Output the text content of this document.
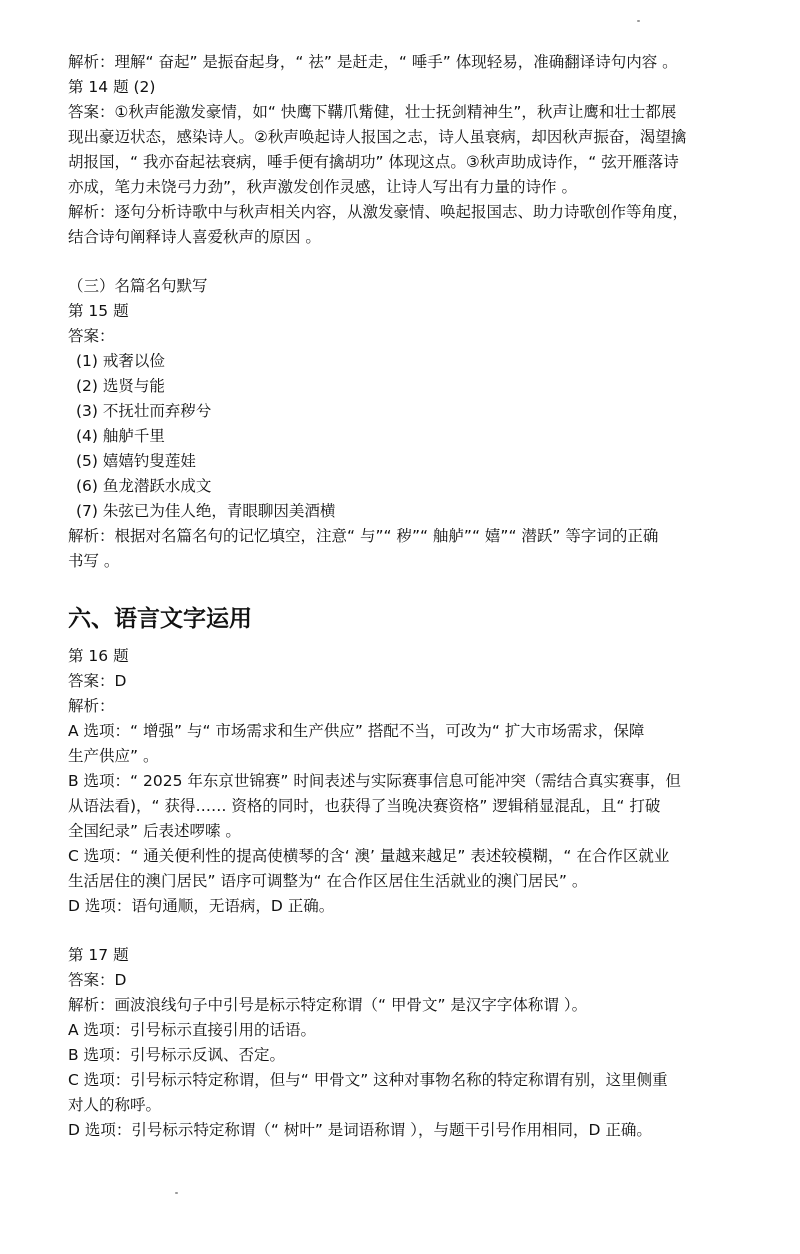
解析：理解“ 奋起” 是振奋起身，“ 祛” 是赶走，“ 唾手” 体现轻易，准确翻译诗句内容 。
第 14 题 (2)
答案：①秋声能激发豪情，如“ 快鹰下鞲爪觜健，壮士抚剑精神生”，秋声让鹰和壮士都展
现出豪迈状态，感染诗人。②秋声唤起诗人报国之志，诗人虽衰病，却因秋声振奋，渴望擒
胡报国，“ 我亦奋起祛衰病，唾手便有擒胡功” 体现这点。③秋声助成诗作，“ 弦开雁落诗
亦成，笔力未饶弓力劲”，秋声激发创作灵感，让诗人写出有力量的诗作 。
解析：逐句分析诗歌中与秋声相关内容，从激发豪情、唤起报国志、助力诗歌创作等角度，
结合诗句阐释诗人喜爱秋声的原因 。
（三）名篇名句默写
第 15 题
答案：
(1) 戒奢以俭
(2) 选贤与能
(3) 不抚壮而弃秽兮
(4) 舳舻千里
(5) 嬉嬉钓叟莲娃
(6) 鱼龙潜跃水成文
(7) 朱弦已为佳人绝，青眼聊因美酒横
解析：根据对名篇名句的记忆填空，注意“ 与”“ 秽”“ 舳舻”“ 嬉”“ 潜跃” 等字词的正确
书写 。
六、语言文字运用
第 16 题
答案：D
解析：
A 选项：“ 增强” 与“ 市场需求和生产供应” 搭配不当，可改为“ 扩大市场需求，保障
生产供应” 。
B 选项：“ 2025 年东京世锦赛” 时间表述与实际赛事信息可能冲突（需结合真实赛事，但
从语法看)，“ 获得…… 资格的同时，也获得了当晚决赛资格” 逻辑稍显混乱，且“ 打破
全国纪录” 后表述啰嗦 。
C 选项：“ 通关便利性的提高使横琴的含‘ 澳’ 量越来越足” 表述较模糊，“ 在合作区就业
生活居住的澳门居民” 语序可调整为“ 在合作区居住生活就业的澳门居民” 。
D 选项：语句通顺，无语病，D 正确。
第 17 题
答案：D
解析：画波浪线句子中引号是标示特定称谓（“ 甲骨文” 是汉字字体称谓 ）。
A 选项：引号标示直接引用的话语。
B 选项：引号标示反讽、否定。
C 选项：引号标示特定称谓，但与“ 甲骨文” 这种对事物名称的特定称谓有别，这里侧重
对人的称呼。
D 选项：引号标示特定称谓（“ 树叶” 是词语称谓 ），与题干引号作用相同，D 正确。
